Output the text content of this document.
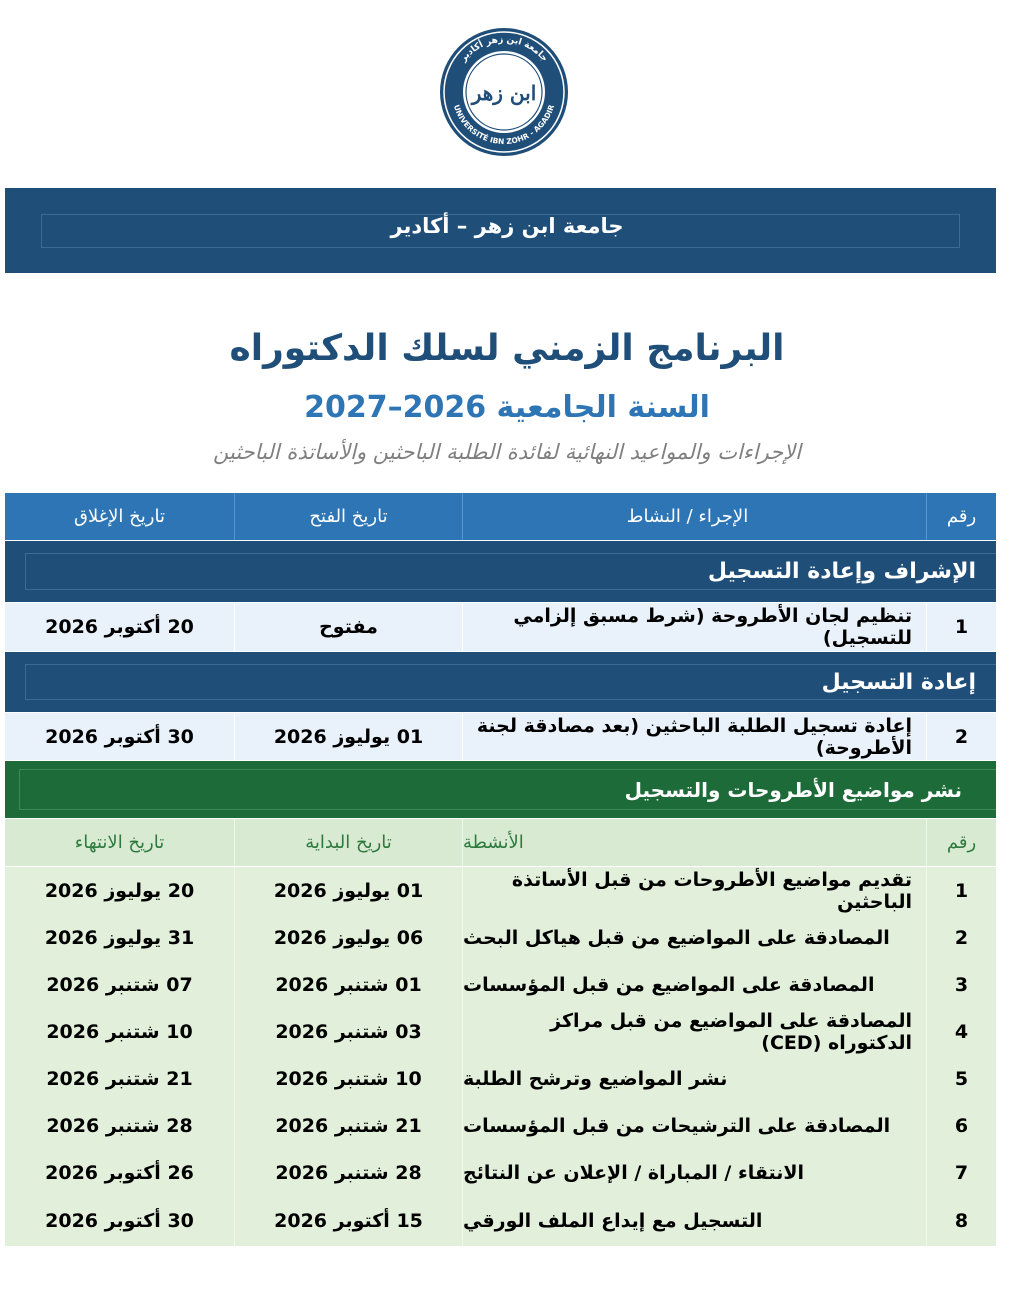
جامعة ابن زهر أكادير
UNIVERSITÉ IBN ZOHR - AGADIR
ابن زهر
جامعة ابن زهر – أكادير
البرنامج الزمني لسلك الدكتوراه
السنة الجامعية 2026–2027
الإجراءات والمواعيد النهائية لفائدة الطلبة الباحثين والأساتذة الباحثين
رقم
الإجراء / النشاط
تاريخ الفتح
تاريخ الإغلاق
الإشراف وإعادة التسجيل
1
تنظيم لجان الأطروحة (شرط مسبق إلزامي للتسجيل)
مفتوح
20 أكتوبر 2026
إعادة التسجيل
2
إعادة تسجيل الطلبة الباحثين (بعد مصادقة لجنة الأطروحة)
01 يوليوز 2026
30 أكتوبر 2026
نشر مواضيع الأطروحات والتسجيل
رقم
الأنشطة
تاريخ البداية
تاريخ الانتهاء
1
تقديم مواضيع الأطروحات من قبل الأساتذة الباحثين
01 يوليوز 2026
20 يوليوز 2026
2
المصادقة على المواضيع من قبل هياكل البحث
06 يوليوز 2026
31 يوليوز 2026
3
المصادقة على المواضيع من قبل المؤسسات
01 شتنبر 2026
07 شتنبر 2026
4
المصادقة على المواضيع من قبل مراكز الدكتوراه (CED)
03 شتنبر 2026
10 شتنبر 2026
5
نشر المواضيع وترشح الطلبة
10 شتنبر 2026
21 شتنبر 2026
6
المصادقة على الترشيحات من قبل المؤسسات
21 شتنبر 2026
28 شتنبر 2026
7
الانتقاء / المباراة / الإعلان عن النتائج
28 شتنبر 2026
26 أكتوبر 2026
8
التسجيل مع إيداع الملف الورقي
15 أكتوبر 2026
30 أكتوبر 2026
